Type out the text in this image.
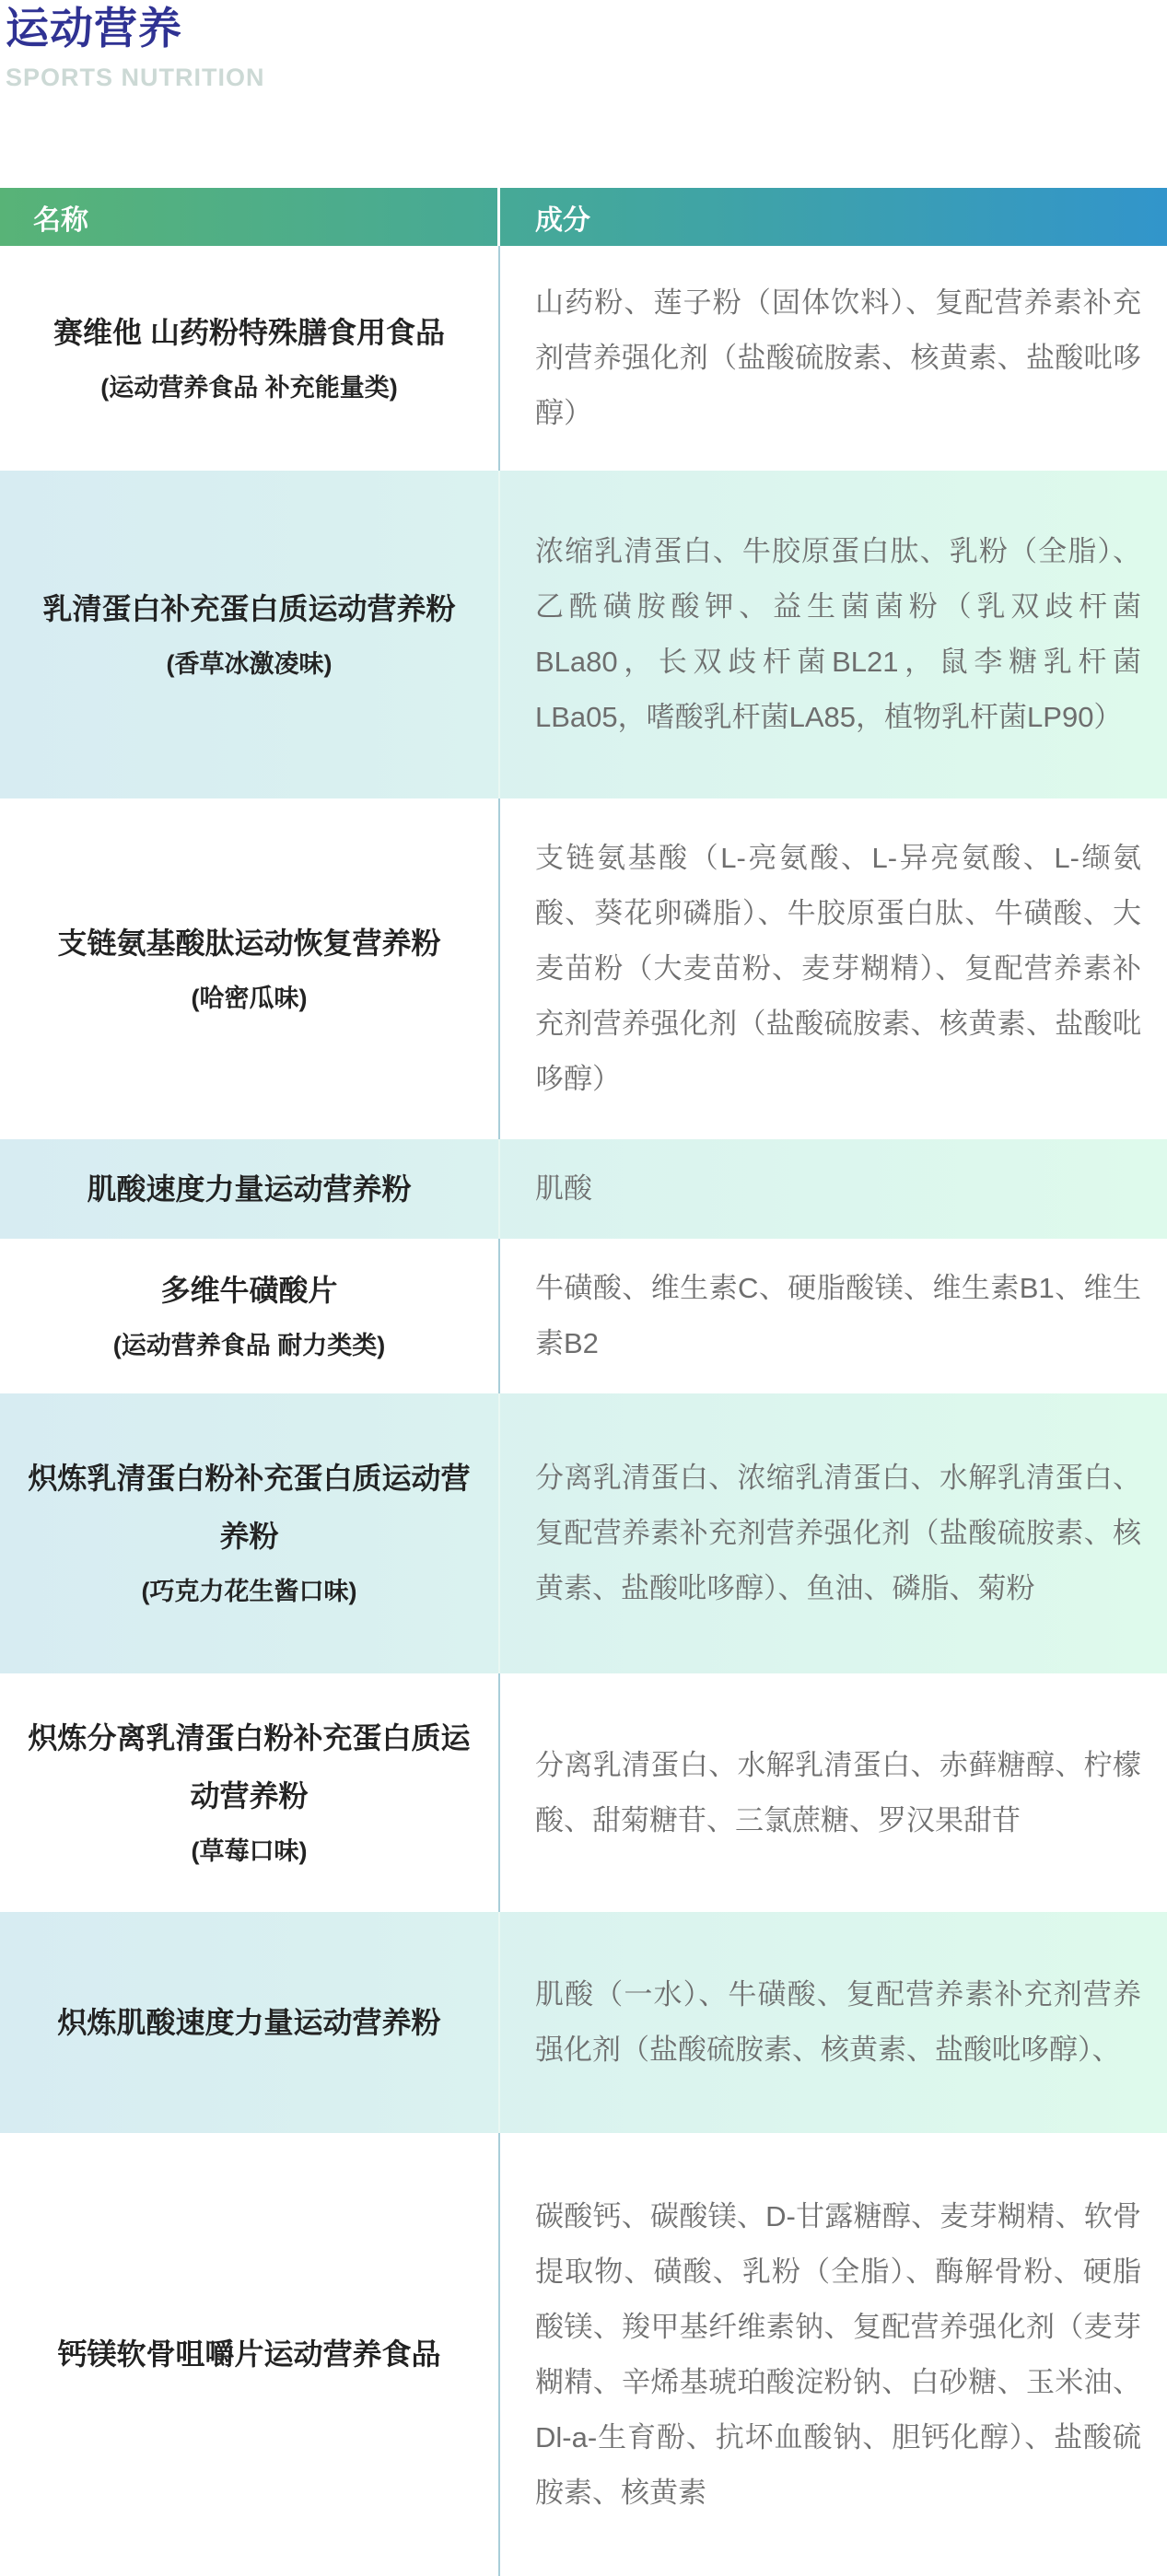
运动营养
SPORTS NUTRITION
名称	成分
赛维他 山药粉特殊膳食用食品
(运动营养食品 补充能量类)
山药粉、莲子粉（固体饮料）、复配营养素补充剂营养强化剂（盐酸硫胺素、核黄素、盐酸吡哆醇）
乳清蛋白补充蛋白质运动营养粉
(香草冰激凌味)
浓缩乳清蛋白、牛胶原蛋白肽、乳粉（全脂）、乙酰磺胺酸钾、益生菌菌粉（乳双歧杆菌BLa80，长双歧杆菌BL21，鼠李糖乳杆菌LBa05，嗜酸乳杆菌LA85，植物乳杆菌LP90）
支链氨基酸肽运动恢复营养粉
(哈密瓜味)
支链氨基酸（L-亮氨酸、L-异亮氨酸、L-缬氨酸、葵花卵磷脂）、牛胶原蛋白肽、牛磺酸、大麦苗粉（大麦苗粉、麦芽糊精）、复配营养素补充剂营养强化剂（盐酸硫胺素、核黄素、盐酸吡哆醇）
肌酸速度力量运动营养粉	肌酸
多维牛磺酸片
(运动营养食品 耐力类类)
牛磺酸、维生素C、硬脂酸镁、维生素B1、维生素B2
炽炼乳清蛋白粉补充蛋白质运动营养粉
(巧克力花生酱口味)
分离乳清蛋白、浓缩乳清蛋白、水解乳清蛋白、复配营养素补充剂营养强化剂（盐酸硫胺素、核黄素、盐酸吡哆醇）、鱼油、磷脂、菊粉
炽炼分离乳清蛋白粉补充蛋白质运动营养粉
(草莓口味)
分离乳清蛋白、水解乳清蛋白、赤藓糖醇、柠檬酸、甜菊糖苷、三氯蔗糖、罗汉果甜苷
炽炼肌酸速度力量运动营养粉
肌酸（一水）、牛磺酸、复配营养素补充剂营养强化剂（盐酸硫胺素、核黄素、盐酸吡哆醇）、
钙镁软骨咀嚼片运动营养食品
碳酸钙、碳酸镁、D-甘露糖醇、麦芽糊精、软骨提取物、磺酸、乳粉（全脂）、酶解骨粉、硬脂酸镁、羧甲基纤维素钠、复配营养强化剂（麦芽糊精、辛烯基琥珀酸淀粉钠、白砂糖、玉米油、Dl-a-生育酚、抗坏血酸钠、胆钙化醇）、盐酸硫胺素、核黄素
